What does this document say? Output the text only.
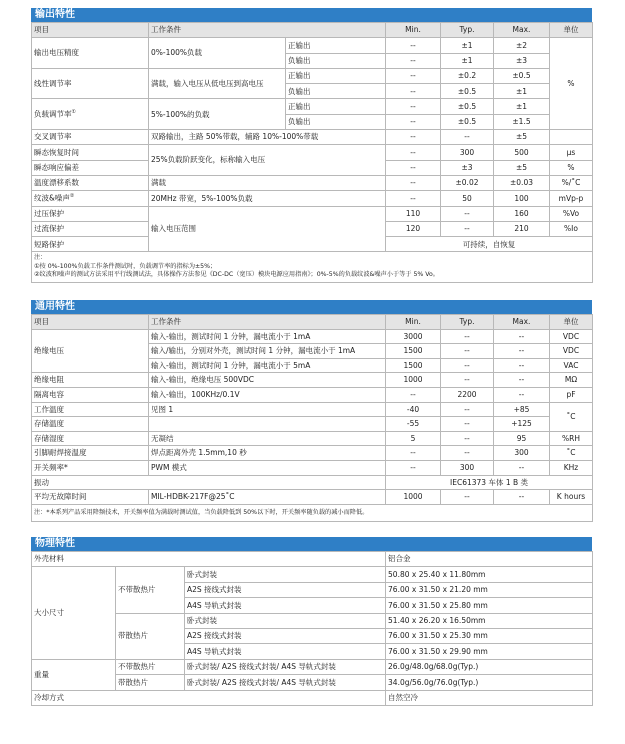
输出特性
项目	工作条件		Min.	Typ.	Max.	单位
输出电压精度	0%-100%负载	正输出	--	±1	±2	%
		负输出	--	±1	±3	
线性调节率	满载，输入电压从低电压到高电压	正输出	--	±0.2	±0.5	
		负输出	--	±0.5	±1	
负载调节率①	5%-100%的负载	正输出	--	±0.5	±1	
		负输出	--	±0.5	±1.5	
交叉调节率	双路输出，主路 50%带载，辅路 10%-100%带载		--	--	±5	
瞬态恢复时间	25%负载阶跃变化，标称输入电压		--	300	500	μs
瞬态响应偏差			--	±3	±5	%
温度漂移系数	满载		--	±0.02	±0.03	%/˚C
纹波&噪声②	20MHz 带宽，5%-100%负载		--	50	100	mVp-p
过压保护	输入电压范围		110	--	160	%Vo
过流保护			120	--	210	%Io
短路保护			可持续，自恢复			

注：
①按 0%-100%负载工作条件测试时，负载调节率的指标为±5%；
②纹波和噪声的测试方法采用平行线测试法，具体操作方法参见《DC-DC（宽压）模块电源应用指南》；0%-5%的负载纹波&噪声小于等于 5% Vo。						
通用特性
项目	工作条件	Min.	Typ.	Max.	单位
绝缘电压	输入-输出，测试时间 1 分钟，漏电流小于 1mA	3000	--	--	VDC
	输入/输出，分别对外壳，测试时间 1 分钟，漏电流小于 1mA	1500	--	--	VDC
	输入-输出，测试时间 1 分钟，漏电流小于 5mA	1500	--	--	VAC
绝缘电阻	输入-输出，绝缘电压 500VDC	1000	--	--	MΩ
隔离电容	输入-输出，100KHz/0.1V	--	2200	--	pF
工作温度	见图 1	-40	--	+85	˚C
存储温度		-55	--	+125	
存储湿度	无凝结	5	--	95	%RH
引脚耐焊接温度	焊点距离外壳 1.5mm,10 秒	--	--	300	˚C
开关频率*	PWM 模式	--	300	--	KHz
振动		IEC61373 车体 1 B 类			
平均无故障时间	MIL-HDBK-217F@25˚C	1000	--	--	K hours
注：*本系列产品采用降频技术，开关频率值为满载时测试值，当负载降低到 50%以下时，开关频率随负载的减小而降低。					
物理特性
外壳材料			铝合金
大小尺寸	不带散热片	卧式封装	50.80 x 25.40 x 11.80mm
		A2S 接线式封装	76.00 x 31.50 x 21.20 mm
		A4S 导轨式封装	76.00 x 31.50 x 25.80 mm
	带散热片	卧式封装	51.40 x 26.20 x 16.50mm
		A2S 接线式封装	76.00 x 31.50 x 25.30 mm
		A4S 导轨式封装	76.00 x 31.50 x 29.90 mm
重量	不带散热片	卧式封装/ A2S 接线式封装/ A4S 导轨式封装	26.0g/48.0g/68.0g(Typ.)
	带散热片	卧式封装/ A2S 接线式封装/ A4S 导轨式封装	34.0g/56.0g/76.0g(Typ.)
冷却方式			自然空冷
